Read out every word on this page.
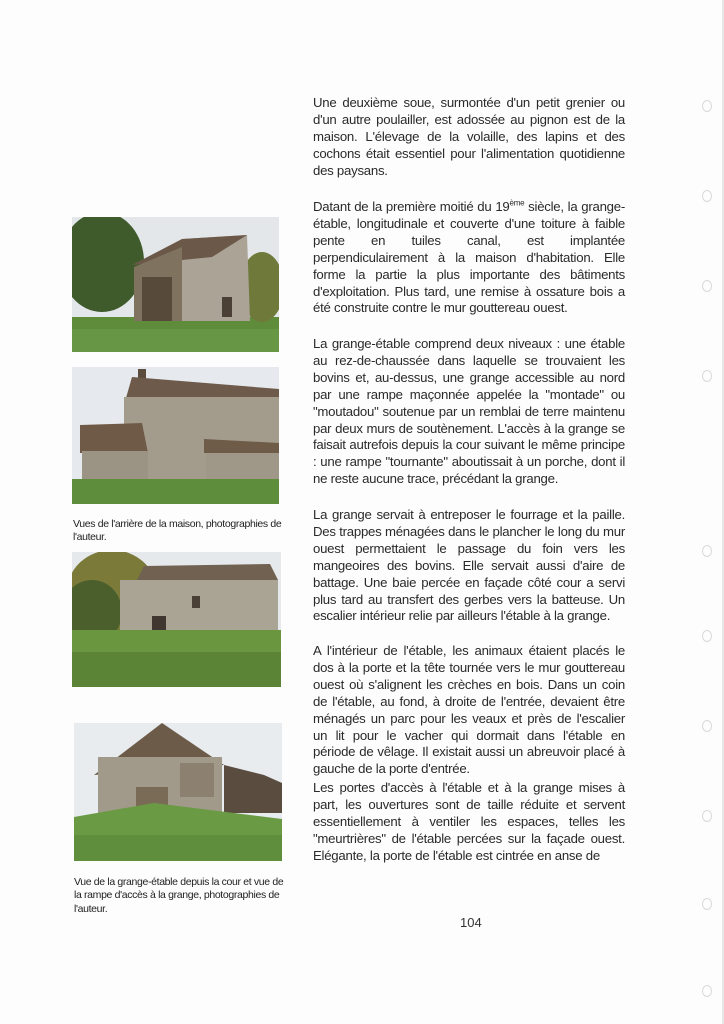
Vues de l'arrière de la maison, photographies de l'auteur.

Vue de la grange-étable depuis la cour et vue de la rampe d'accès à la grange, photographies de l'auteur.

Une deuxième soue, surmontée d'un petit grenier ou d'un autre poulailler, est adossée au pignon est de la maison. L'élevage de la volaille, des lapins et des cochons était essentiel pour l'alimentation quotidienne des paysans.

Datant de la première moitié du 19ème siècle, la grange-étable, longitudinale et couverte d'une toiture à faible pente en tuiles canal, est implantée perpendiculairement à la maison d'habitation. Elle forme la partie la plus importante des bâtiments d'exploitation. Plus tard, une remise à ossature bois a été construite contre le mur gouttereau ouest.

La grange-étable comprend deux niveaux : une étable au rez-de-chaussée dans laquelle se trouvaient les bovins et, au-dessus, une grange accessible au nord par une rampe maçonnée appelée la "montade" ou "moutadou" soutenue par un remblai de terre maintenu par deux murs de soutènement. L'accès à la grange se faisait autrefois depuis la cour suivant le même principe : une rampe "tournante" aboutissait à un porche, dont il ne reste aucune trace, précédant la grange.

La grange servait à entreposer le fourrage et la paille. Des trappes ménagées dans le plancher le long du mur ouest permettaient le passage du foin vers les mangeoires des bovins. Elle servait aussi d'aire de battage. Une baie percée en façade côté cour a servi plus tard au transfert des gerbes vers la batteuse. Un escalier intérieur relie par ailleurs l'étable à la grange.

A l'intérieur de l'étable, les animaux étaient placés le dos à la porte et la tête tournée vers le mur gouttereau ouest où s'alignent les crèches en bois. Dans un coin de l'étable, au fond, à droite de l'entrée, devaient être ménagés un parc pour les veaux et près de l'escalier un lit pour le vacher qui dormait dans l'étable en période de vêlage. Il existait aussi un abreuvoir placé à gauche de la porte d'entrée.

Les portes d'accès à l'étable et à la grange mises à part, les ouvertures sont de taille réduite et servent essentiellement à ventiler les espaces, telles les "meurtrières" de l'étable percées sur la façade ouest. Elégante, la porte de l'étable est cintrée en anse de

104
